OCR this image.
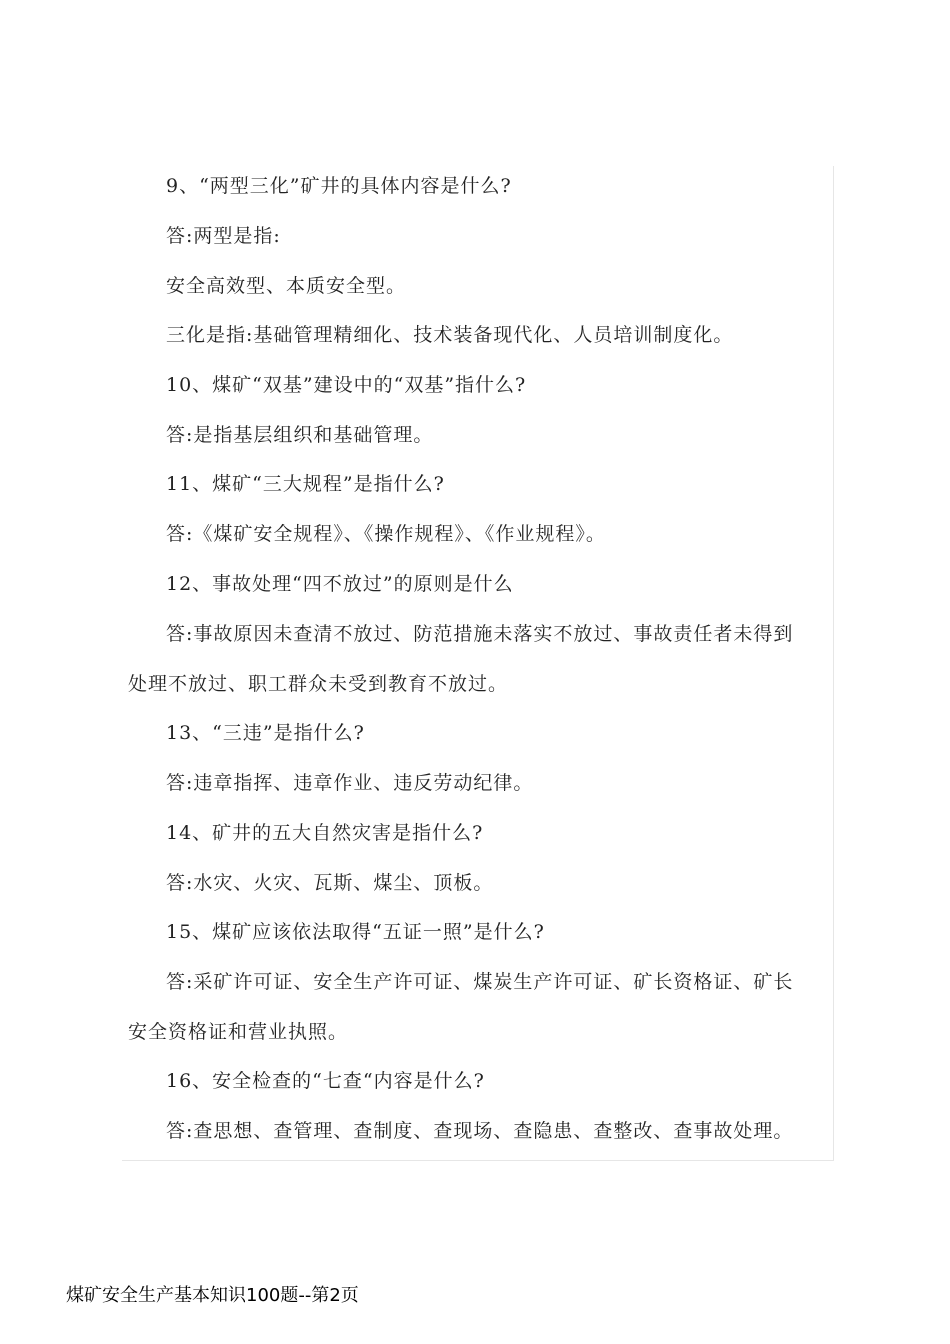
9、“两型三化”矿井的具体内容是什么?
答:两型是指:
安全高效型、本质安全型。
三化是指:基础管理精细化、技术装备现代化、人员培训制度化。
10、煤矿“双基”建设中的“双基”指什么?
答:是指基层组织和基础管理。
11、煤矿“三大规程”是指什么?
答:《煤矿安全规程》、《操作规程》、《作业规程》。
12、事故处理“四不放过”的原则是什么
答:事故原因未查清不放过、防范措施未落实不放过、事故责任者未得到
处理不放过、职工群众未受到教育不放过。
13、“三违”是指什么?
答:违章指挥、违章作业、违反劳动纪律。
14、矿井的五大自然灾害是指什么?
答:水灾、火灾、瓦斯、煤尘、顶板。
15、煤矿应该依法取得“五证一照”是什么?
答:采矿许可证、安全生产许可证、煤炭生产许可证、矿长资格证、矿长
安全资格证和营业执照。
16、安全检查的“七查“内容是什么?
答:查思想、查管理、查制度、查现场、查隐患、查整改、查事故处理。
煤矿安全生产基本知识100题--第2页
